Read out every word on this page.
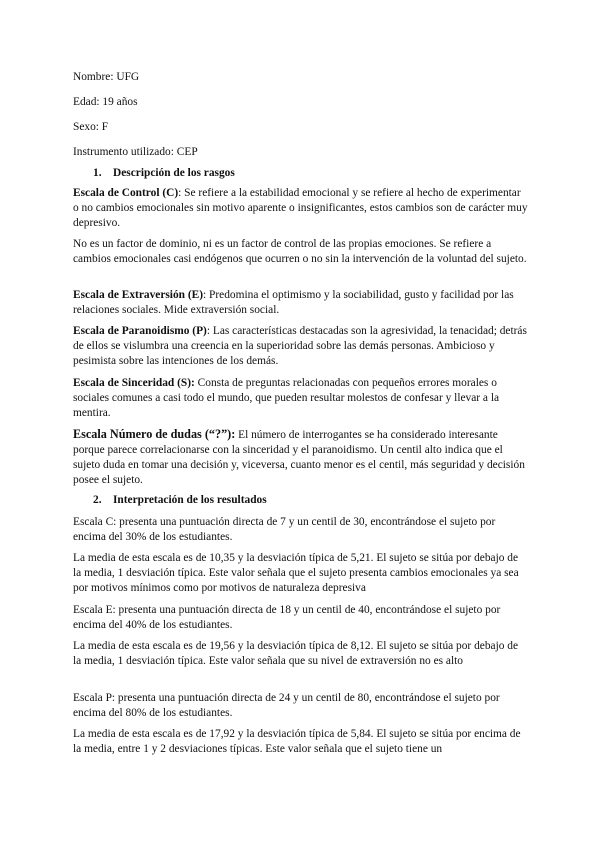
Nombre: UFG

Edad: 19 años

Sexo: F

Instrumento utilizado: CEP

1. Descripción de los rasgos

Escala de Control (C): Se refiere a la estabilidad emocional y se refiere al hecho de experimentar o no cambios emocionales sin motivo aparente o insignificantes, estos cambios son de carácter muy depresivo.

No es un factor de dominio, ni es un factor de control de las propias emociones. Se refiere a cambios emocionales casi endógenos que ocurren o no sin la intervención de la voluntad del sujeto.

Escala de Extraversión (E): Predomina el optimismo y la sociabilidad, gusto y facilidad por las relaciones sociales. Mide extraversión social.

Escala de Paranoidismo (P): Las características destacadas son la agresividad, la tenacidad; detrás de ellos se vislumbra una creencia en la superioridad sobre las demás personas. Ambicioso y pesimista sobre las intenciones de los demás.

Escala de Sinceridad (S): Consta de preguntas relacionadas con pequeños errores morales o sociales comunes a casi todo el mundo, que pueden resultar molestos de confesar y llevar a la mentira.

Escala Número de dudas (“?”): El número de interrogantes se ha considerado interesante porque parece correlacionarse con la sinceridad y el paranoidismo. Un centil alto indica que el sujeto duda en tomar una decisión y, viceversa, cuanto menor es el centil, más seguridad y decisión posee el sujeto.

2. Interpretación de los resultados

Escala C: presenta una puntuación directa de 7 y un centil de 30, encontrándose el sujeto por encima del 30% de los estudiantes.

La media de esta escala es de 10,35 y la desviación típica de 5,21. El sujeto se sitúa por debajo de la media, 1 desviación típica. Este valor señala que el sujeto presenta cambios emocionales ya sea por motivos mínimos como por motivos de naturaleza depresiva

Escala E: presenta una puntuación directa de 18 y un centil de 40, encontrándose el sujeto por encima del 40% de los estudiantes.

La media de esta escala es de 19,56 y la desviación típica de 8,12. El sujeto se sitúa por debajo de la media, 1 desviación típica. Este valor señala que su nivel de extraversión no es alto

Escala P: presenta una puntuación directa de 24 y un centil de 80, encontrándose el sujeto por encima del 80% de los estudiantes.

La media de esta escala es de 17,92 y la desviación típica de 5,84. El sujeto se sitúa por encima de la media, entre 1 y 2 desviaciones típicas. Este valor señala que el sujeto tiene un
